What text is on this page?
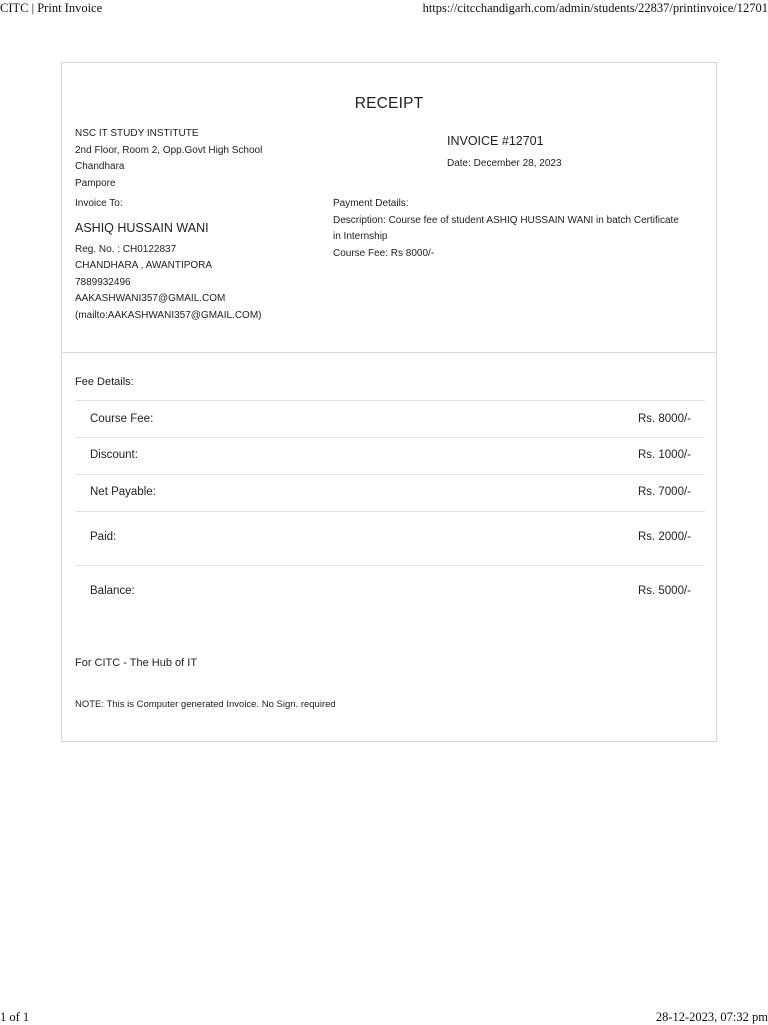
CITC | Print Invoice	https://citcchandigarh.com/admin/students/22837/printinvoice/12701
RECEIPT
NSC IT STUDY INSTITUTE
2nd Floor, Room 2, Opp.Govt High School Chandhara
Pampore
INVOICE #12701
Date: December 28, 2023
Invoice To:
ASHIQ HUSSAIN WANI
Reg. No. : CH0122837
CHANDHARA , AWANTIPORA
7889932496
AAKASHWANI357@GMAIL.COM
(mailto:AAKASHWANI357@GMAIL.COM)
Payment Details:
Description: Course fee of student ASHIQ HUSSAIN WANI in batch Certificate in Internship
Course Fee: Rs 8000/-
Fee Details:
Course Fee:	Rs. 8000/-
Discount:	Rs. 1000/-
Net Payable:	Rs. 7000/-
Paid:	Rs. 2000/-
Balance:	Rs. 5000/-
For CITC - The Hub of IT
NOTE: This is Computer generated Invoice. No Sign. required
1 of 1	28-12-2023, 07:32 pm
